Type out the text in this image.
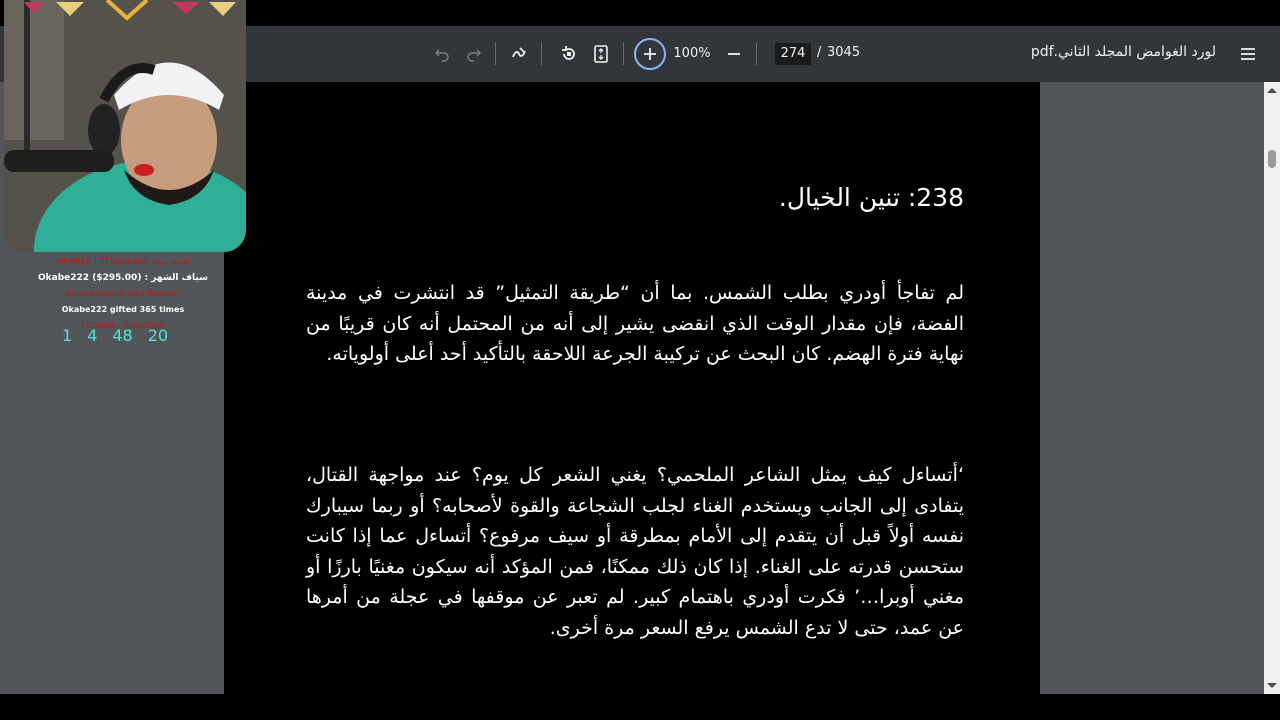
100%	274 / 3045	لورد الغوامض المجلد الثاني.pdf
238: تنين الخيال.
لم تفاجأ أودري بطلب الشمس. بما أن “طريقة التمثيل” قد انتشرت في مدينة الفضة، فإن مقدار الوقت الذي انقضى يشير إلى أنه من المحتمل أنه كان قريبًا من نهاية فترة الهضم. كان البحث عن تركيبة الجرعة اللاحقة بالتأكيد أحد أعلى أولوياته.
‘أتساءل كيف يمثل الشاعر الملحمي؟ يغني الشعر كل يوم؟ عند مواجهة القتال، يتفادى إلى الجانب ويستخدم الغناء لجلب الشجاعة والقوة لأصحابه؟ أو ربما سيبارك نفسه أولاً قبل أن يتقدم إلى الأمام بمطرقة أو سيف مرفوع؟ أتساءل عما إذا كانت ستحسن قدرته على الغناء. إذا كان ذلك ممكنًا، فمن المؤكد أنه سيكون مغنيًا بارزًا أو مغني أوبرا…’ فكرت أودري باهتمام كبير. لم تعبر عن موقفها في عجلة من أمرها عن عمد، حتى لا تدع الشمس يرفع السعر مرة أخرى.
MEMBER | 272089/383 أقضم سباك
Okabe222 ($295.00) : سياف الشهر
Ahmed Khalifa 4/10 Member
Okabe222 gifted 365 times
FOLLOW : 1/25/2024
1 4 48 20
